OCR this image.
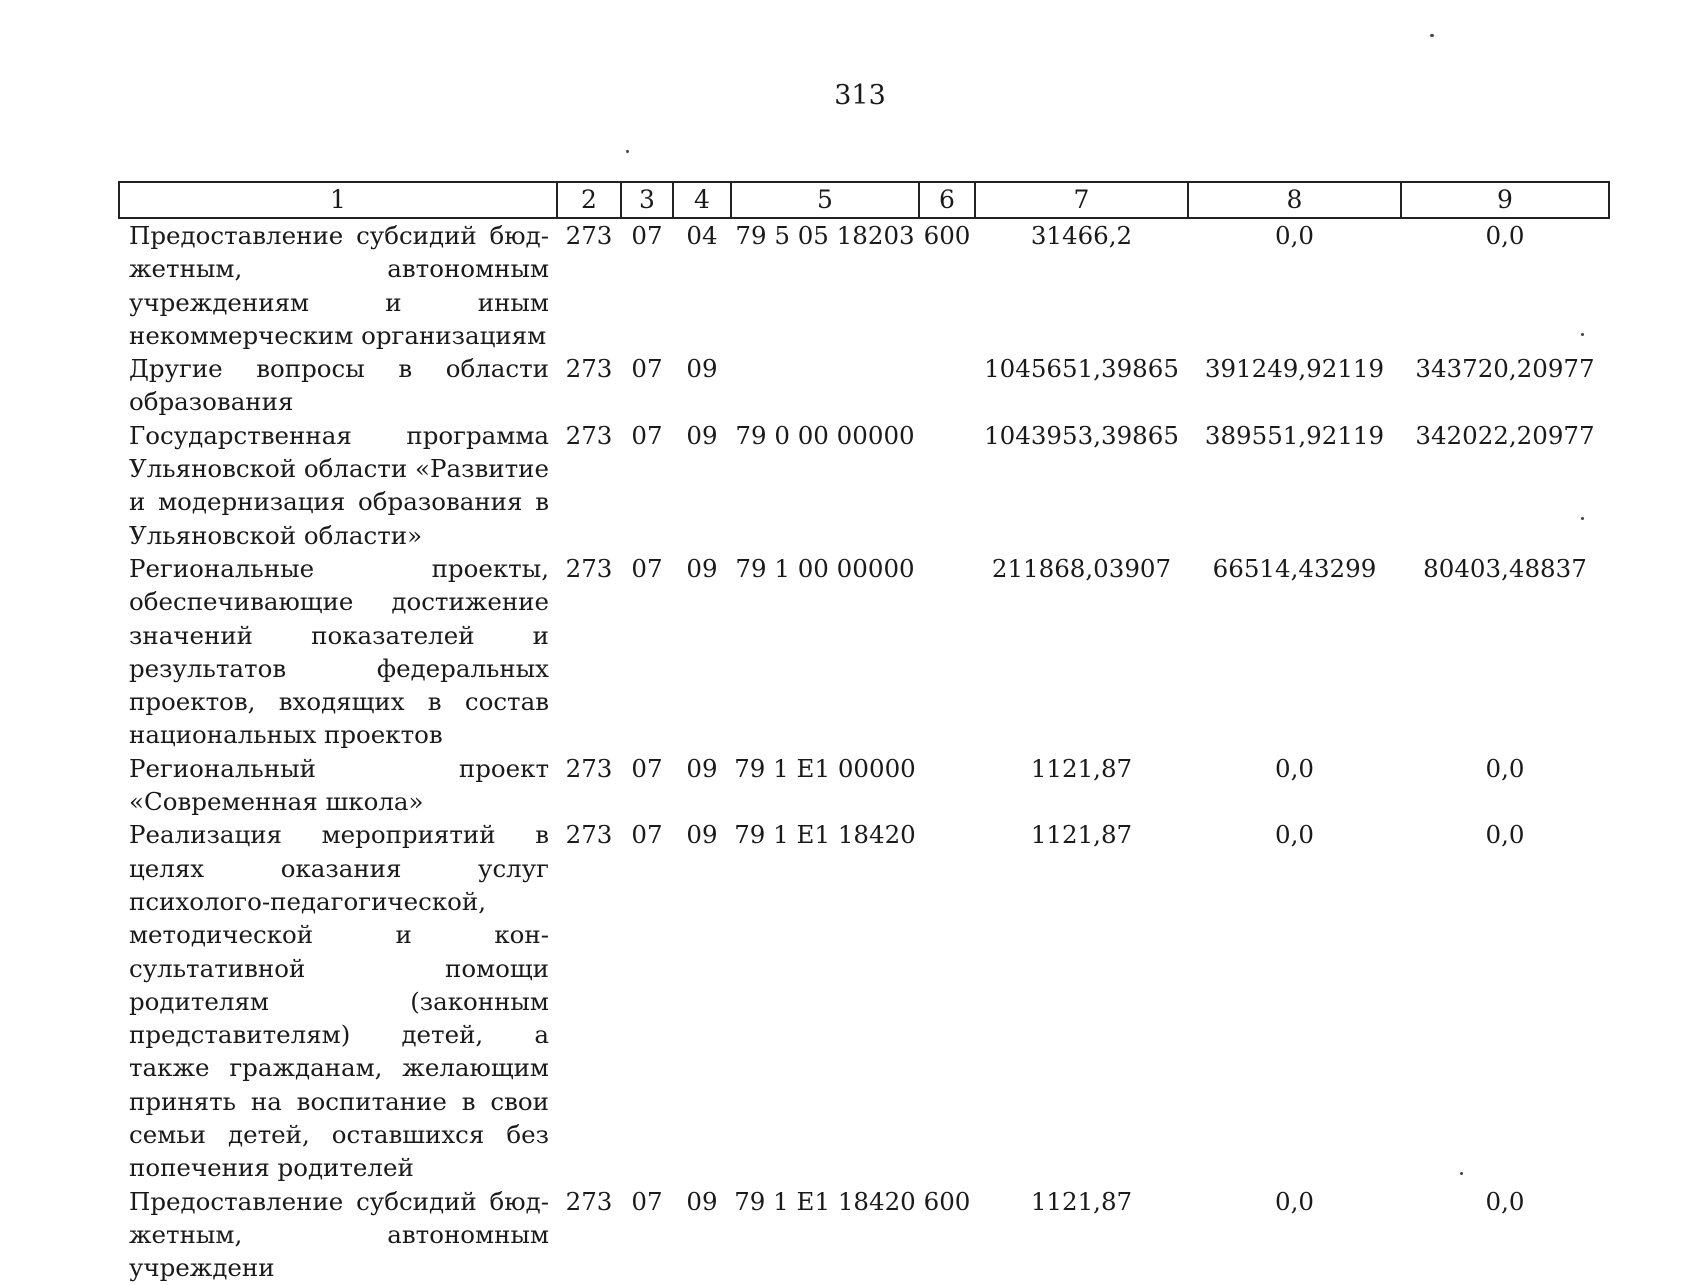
313
1	2	3	4	5	6	7	8	9
Предоставление субсидий бюджетным, автономным учреждениям и иным некоммерческим организациям	273	07	04	79 5 05 18203	600	31466,2	0,0	0,0
Другие вопросы в области образования	273	07	09			1045651,39865	391249,92119	343720,20977
Государственная программа Ульяновской области «Развитие и модернизация образования в Ульяновской области»	273	07	09	79 0 00 00000		1043953,39865	389551,92119	342022,20977
Региональные проекты, обеспечивающие достижение значений показателей и результатов федеральных проектов, входящих в состав национальных проектов	273	07	09	79 1 00 00000		211868,03907	66514,43299	80403,48837
Региональный проект «Современная школа»	273	07	09	79 1 E1 00000		1121,87	0,0	0,0
Реализация мероприятий в целях оказания услуг психолого-педагогической, методической и консультативной помощи родителям (законным представителям) детей, а также гражданам, желающим принять на воспитание в свои семьи детей, оставшихся без попечения родителей	273	07	09	79 1 E1 18420		1121,87	0,0	0,0
Предоставление субсидий бюджетным, автономным учреждени	273	07	09	79 1 E1 18420	600	1121,87	0,0	0,0
